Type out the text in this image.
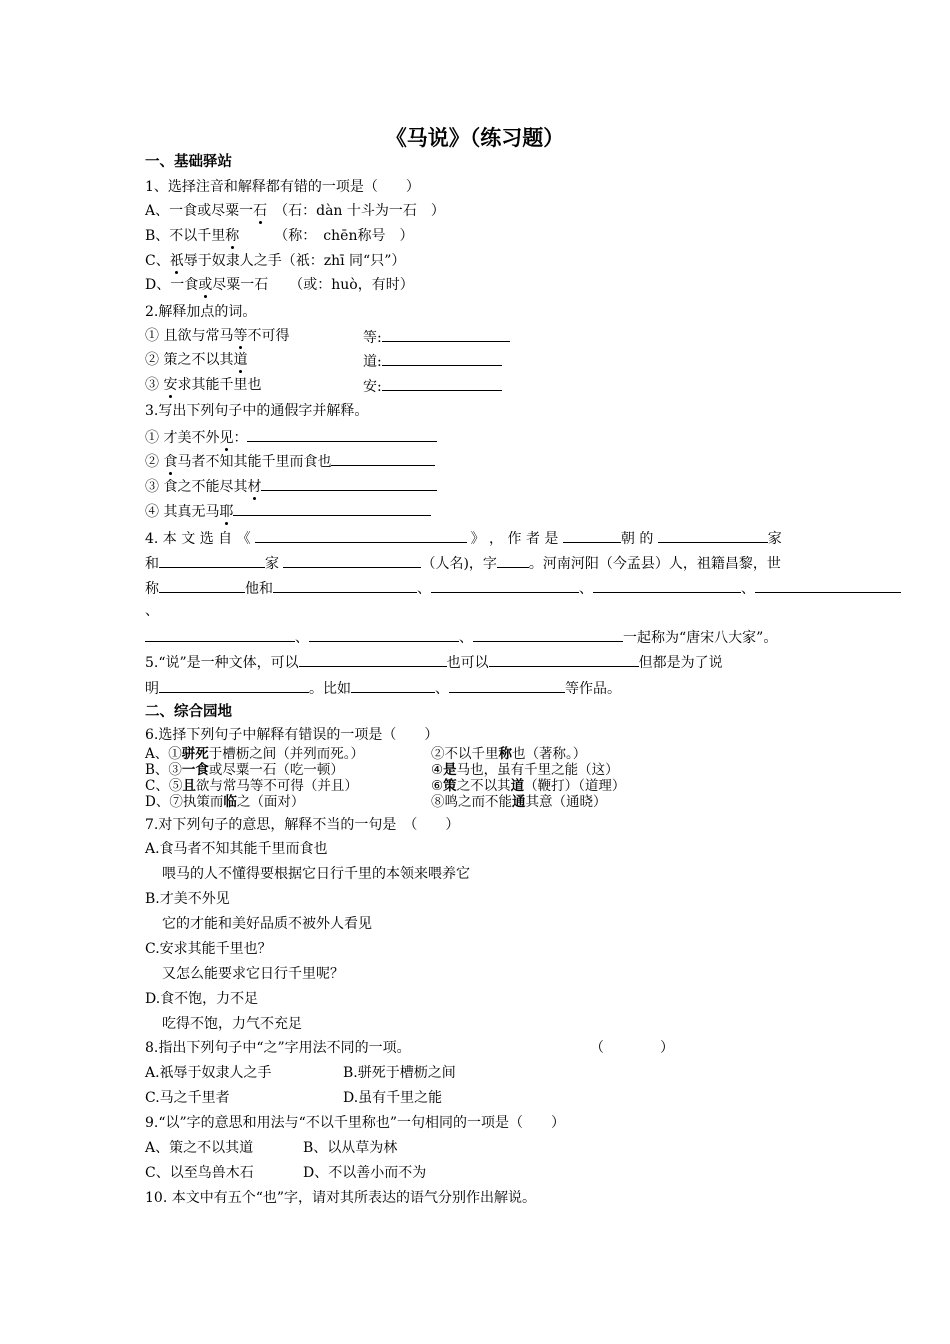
《马说》（练习题）
一、基础驿站
1、选择注音和解释都有错的一项是（　　）
A、一食或尽粟一石　（石：dàn 十斗为一石　）
B、不以千里称　　　（称：　chēn称号　）
C、祇辱于奴隶人之手（祇：zhī 同“只”）
D、一食或尽粟一石　　（或：huò，有时）
2.解释加点的词。
① 且欲与常马等不可得	等:
② 策之不以其道	道:
③ 安求其能千里也	安:
3.写出下列句子中的通假字并解释。
① 才美不外见：
② 食马者不知其能千里而食也
③ 食之不能尽其材
④ 其真无马耶
4. 本 文 选 自 《	》 ， 作 者 是	朝 的	家
和	家	（人名)，字 。河南河阳（今孟县）人，祖籍昌黎，世
称	他和	、	、	、
、
、	、	一起称为“唐宋八大家”。
5.“说”是一种文体，可以	也可以	但都是为了说
明	。比如	、	等作品。
二、综合园地
6.选择下列句子中解释有错误的一项是（　　）
A、①骈死于槽枥之间（并列而死。）	②不以千里称也（著称。）
B、③一食或尽粟一石（吃一顿）	④是马也，虽有千里之能（这）
C、⑤且欲与常马等不可得（并且）	⑥策之不以其道（鞭打）（道理）
D、⑦执策而临之（面对）	⑧鸣之而不能通其意（通晓）
7.对下列句子的意思，解释不当的一句是　（　　）
A.食马者不知其能千里而食也
喂马的人不懂得要根据它日行千里的本领来喂养它
B.才美不外见
它的才能和美好品质不被外人看见
C.安求其能千里也？
又怎么能要求它日行千里呢？
D.食不饱，力不足
吃得不饱，力气不充足
8.指出下列句子中“之”字用法不同的一项。	（　　　　）
A.祇辱于奴隶人之手	B.骈死于槽枥之间
C.马之千里者	D.虽有千里之能
9.“以”字的意思和用法与“不以千里称也”一句相同的一项是（　　）
A、策之不以其道	B、以从草为林
C、以至鸟兽木石	D、不以善小而不为
10. 本文中有五个“也”字，请对其所表达的语气分别作出解说。
